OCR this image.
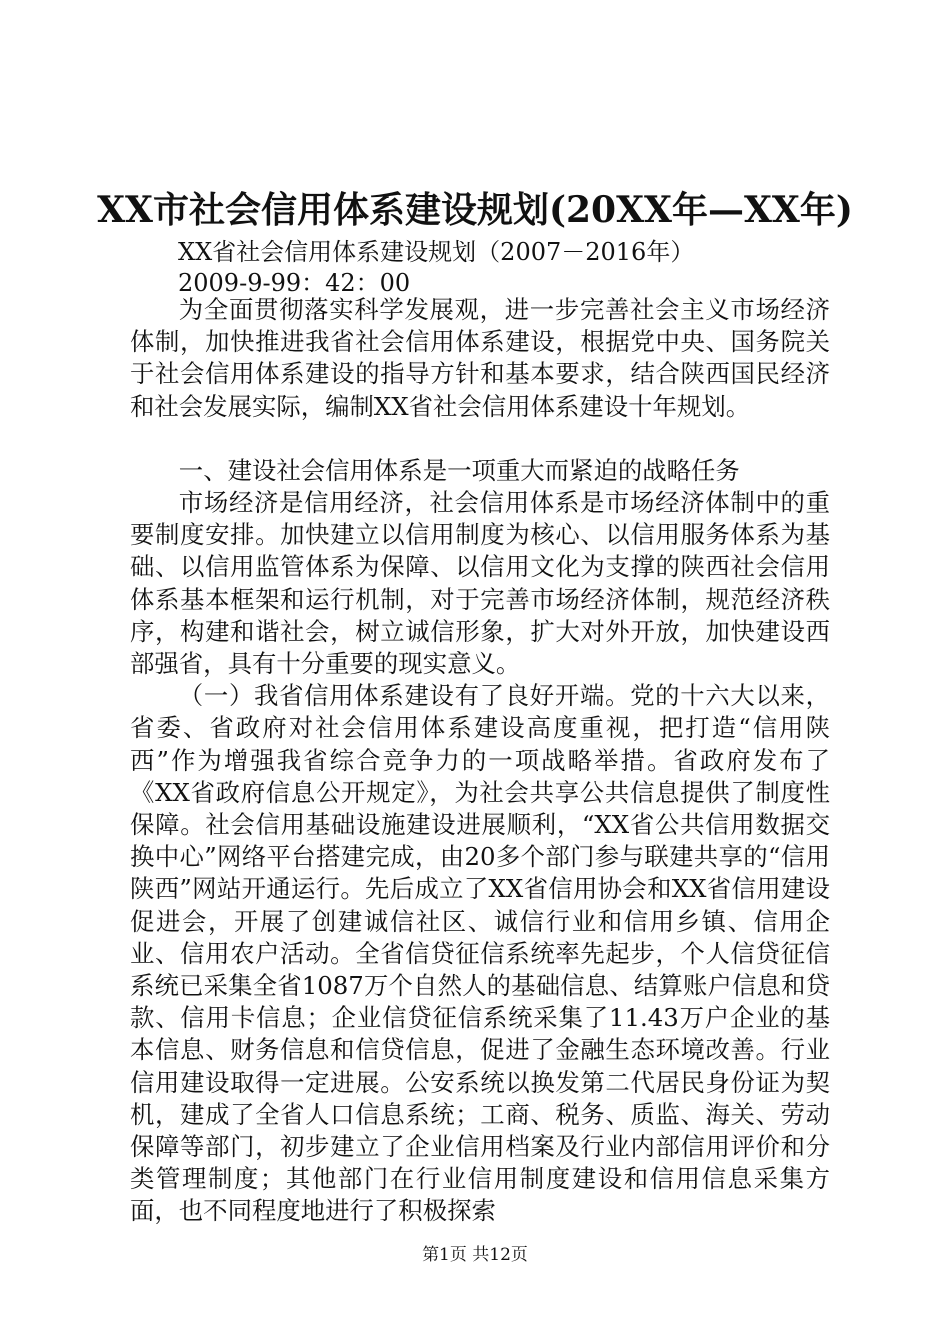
XX市社会信用体系建设规划(20XX年—XX年)
XX省社会信用体系建设规划（2007－2016年）
2009-9-99：42：00

为全面贯彻落实科学发展观，进一步完善社会主义市场经济体制，加快推进我省社会信用体系建设，根据党中央、国务院关于社会信用体系建设的指导方针和基本要求，结合陕西国民经济和社会发展实际，编制XX省社会信用体系建设十年规划。

一、建设社会信用体系是一项重大而紧迫的战略任务

市场经济是信用经济，社会信用体系是市场经济体制中的重要制度安排。加快建立以信用制度为核心、以信用服务体系为基础、以信用监管体系为保障、以信用文化为支撑的陕西社会信用体系基本框架和运行机制，对于完善市场经济体制，规范经济秩序，构建和谐社会，树立诚信形象，扩大对外开放，加快建设西部强省，具有十分重要的现实意义。

（一）我省信用体系建设有了良好开端。党的十六大以来，省委、省政府对社会信用体系建设高度重视，把打造“信用陕西”作为增强我省综合竞争力的一项战略举措。省政府发布了《XX省政府信息公开规定》，为社会共享公共信息提供了制度性保障。社会信用基础设施建设进展顺利，“XX省公共信用数据交换中心”网络平台搭建完成，由20多个部门参与联建共享的“信用陕西”网站开通运行。先后成立了XX省信用协会和XX省信用建设促进会，开展了创建诚信社区、诚信行业和信用乡镇、信用企业、信用农户活动。全省信贷征信系统率先起步，个人信贷征信系统已采集全省1087万个自然人的基础信息、结算账户信息和贷款、信用卡信息；企业信贷征信系统采集了11.43万户企业的基本信息、财务信息和信贷信息，促进了金融生态环境改善。行业信用建设取得一定进展。公安系统以换发第二代居民身份证为契机，建成了全省人口信息系统；工商、税务、质监、海关、劳动保障等部门，初步建立了企业信用档案及行业内部信用评价和分类管理制度；其他部门在行业信用制度建设和信用信息采集方面，也不同程度地进行了积极探索

第1页 共12页
